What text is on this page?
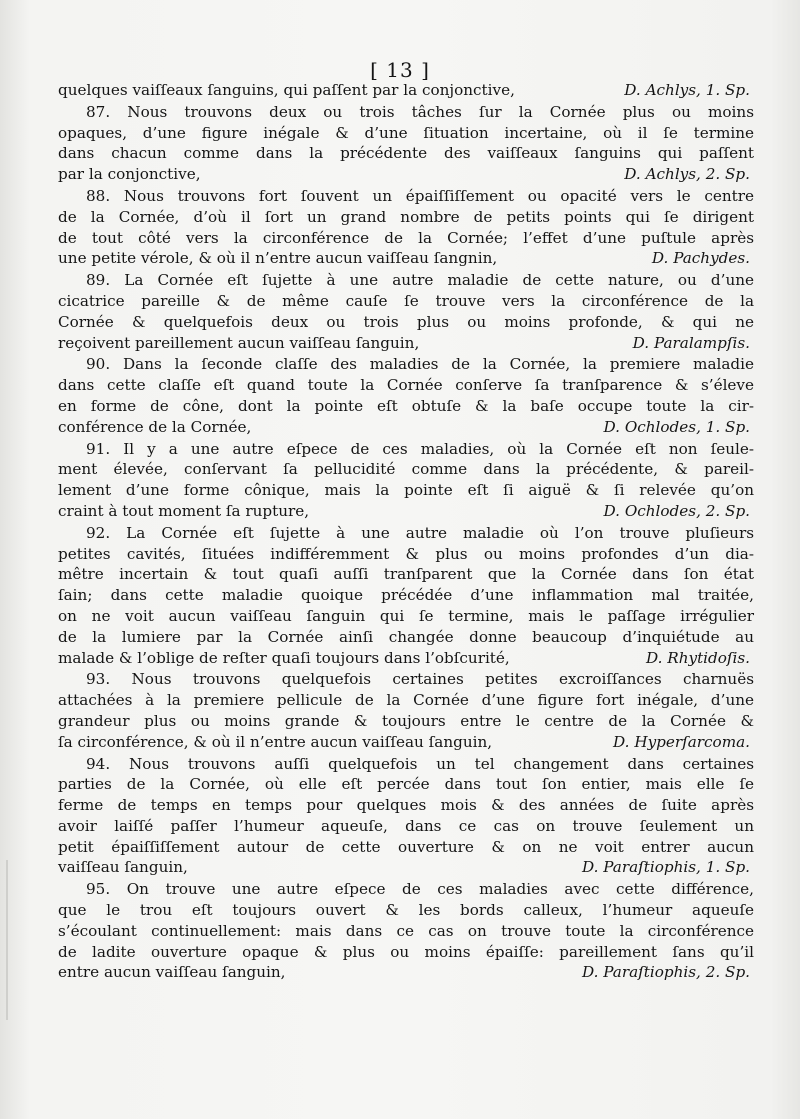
[ 13 ]
quelques vaiſſeaux ſanguins, qui paſſent par la conjonctive,	D. Achlys, 1. Sp.
87. Nous trouvons deux ou trois tâches ſur la Cornée plus ou moins
opaques, d’une figure inégale & d’une ſituation incertaine, où il ſe termine
dans chacun comme dans la précédente des vaiſſeaux ſanguins qui paſſent
par la conjonctive,	D. Achlys, 2. Sp.
88. Nous trouvons fort ſouvent un épaiſſiſſement ou opacité vers le centre
de la Cornée, d’où il ſort un grand nombre de petits points qui ſe dirigent
de tout côté vers la circonférence de la Cornée; l’effet d’une puſtule après
une petite vérole, & où il n’entre aucun vaiſſeau ſangnin,	D. Pachydes.
89. La Cornée eſt ſujette à une autre maladie de cette nature, ou d’une
cicatrice pareille & de même cauſe ſe trouve vers la circonférence de la
Cornée & quelquefois deux ou trois plus ou moins profonde, & qui ne
reçoivent pareillement aucun vaiſſeau ſanguin,	D. Paralampſis.
90. Dans la ſeconde claſſe des maladies de la Cornée, la premiere maladie
dans cette claſſe eſt quand toute la Cornée conſerve ſa tranſparence & s’éleve
en forme de cône, dont la pointe eſt obtuſe & la baſe occupe toute la cir-
conférence de la Cornée,	D. Ochlodes, 1. Sp.
91. Il y a une autre eſpece de ces maladies, où la Cornée eſt non ſeule-
ment élevée, conſervant ſa pellucidité comme dans la précédente, & pareil-
lement d’une forme cônique, mais la pointe eſt ſi aiguë & ſi relevée qu’on
craint à tout moment ſa rupture,	D. Ochlodes, 2. Sp.
92. La Cornée eſt ſujette à une autre maladie où l’on trouve pluſieurs
petites cavités, ſituées indifféremment & plus ou moins profondes d’un dia-
mêtre incertain & tout quaſi auſſi tranſparent que la Cornée dans ſon état
ſain; dans cette maladie quoique précédée d’une inflammation mal traitée,
on ne voit aucun vaiſſeau ſanguin qui ſe termine, mais le paſſage irrégulier
de la lumiere par la Cornée ainſi changée donne beaucoup d’inquiétude au
malade & l’oblige de reſter quaſi toujours dans l’obſcurité,	D. Rhytidoſis.
93. Nous trouvons quelquefois certaines petites excroiſſances charnuës
attachées à la premiere pellicule de la Cornée d’une figure fort inégale, d’une
grandeur plus ou moins grande & toujours entre le centre de la Cornée &
ſa circonférence, & où il n’entre aucun vaiſſeau ſanguin,	D. Hyperſarcoma.
94. Nous trouvons auſſi quelquefois un tel changement dans certaines
parties de la Cornée, où elle eſt percée dans tout ſon entier, mais elle ſe
ferme de temps en temps pour quelques mois & des années de ſuite après
avoir laiſſé paſſer l’humeur aqueuſe, dans ce cas on trouve ſeulement un
petit épaiſſiſſement autour de cette ouverture & on ne voit entrer aucun
vaiſſeau ſanguin,	D. Paraſtiophis, 1. Sp.
95. On trouve une autre eſpece de ces maladies avec cette différence,
que le trou eſt toujours ouvert & les bords calleux, l’humeur aqueuſe
s’écoulant continuellement: mais dans ce cas on trouve toute la circonférence
de ladite ouverture opaque & plus ou moins épaiſſe: pareillement ſans qu’il
entre aucun vaiſſeau ſanguin,	D. Paraſtiophis, 2. Sp.
